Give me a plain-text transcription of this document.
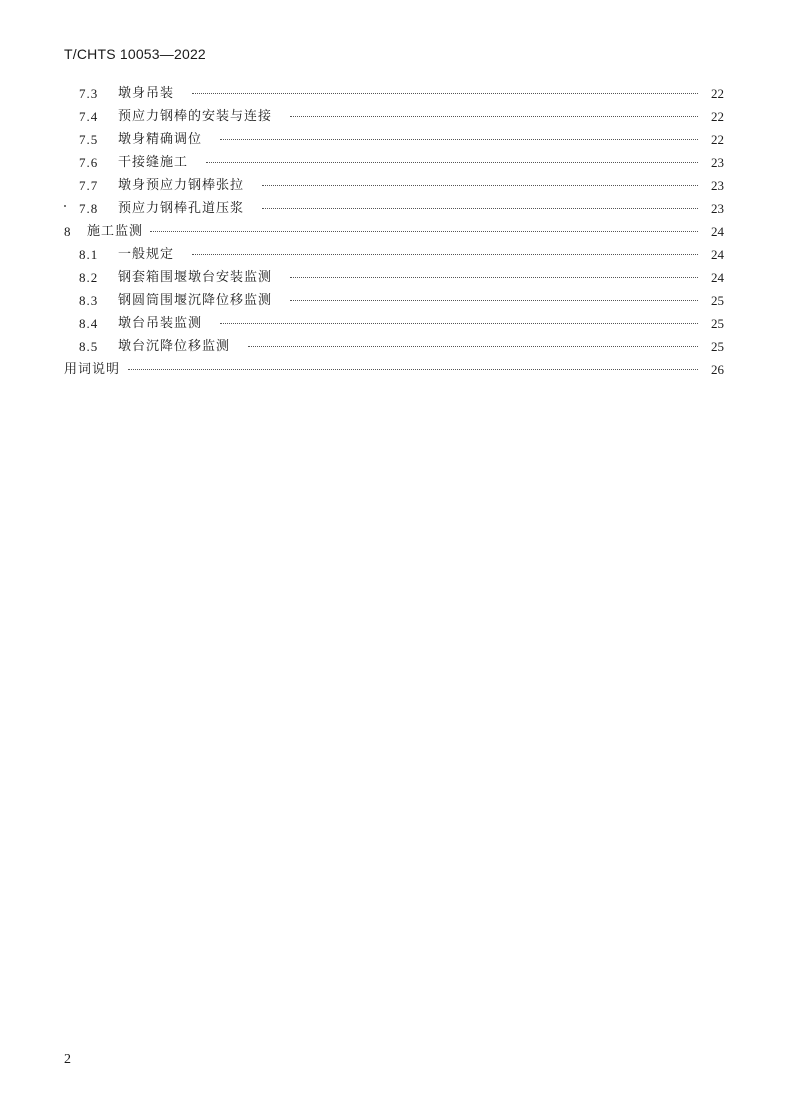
T/CHTS 10053—2022
7.3 墩身吊装	22
7.4 预应力钢棒的安装与连接	22
7.5 墩身精确调位	22
7.6 干接缝施工	23
7.7 墩身预应力钢棒张拉	23
7.8 预应力钢棒孔道压浆	23
8 施工监测	24
8.1 一般规定	24
8.2 钢套箱围堰墩台安装监测	24
8.3 钢圆筒围堰沉降位移监测	25
8.4 墩台吊装监测	25
8.5 墩台沉降位移监测	25
用词说明	26
2
